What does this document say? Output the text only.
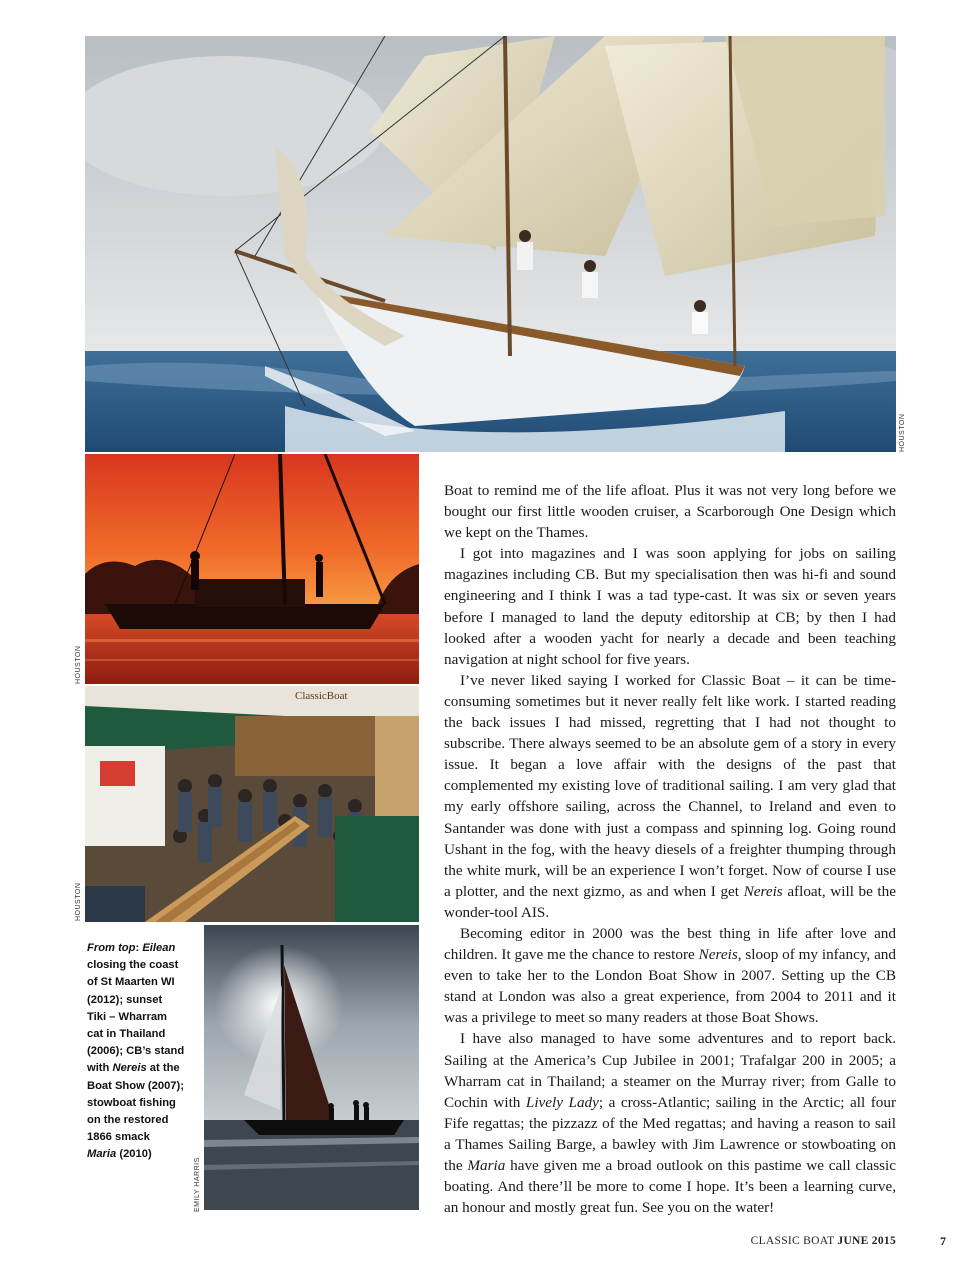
HOUSTON
HOUSTON
ClassicBoat
HOUSTON
EMILY HARRIS

From top: Eilean

closing the coast

of St Maarten WI

(2012); sunset

Tiki – Wharram

cat in Thailand

(2006); CB’s stand

with Nereis at the

Boat Show (2007);

stowboat fishing

on the restored

1866 smack

Maria (2010)

Boat to remind me of the life afloat. Plus it was not very long before we bought our first little wooden cruiser, a Scarborough One Design which we kept on the Thames.

I got into magazines and I was soon applying for jobs on sailing magazines including CB. But my specialisation then was hi-fi and sound engineering and I think I was a tad type-cast. It was six or seven years before I managed to land the deputy editorship at CB; by then I had looked after a wooden yacht for nearly a decade and been teaching navigation at night school for five years.

I’ve never liked saying I worked for Classic Boat – it can be time-consuming sometimes but it never really felt like work. I started reading the back issues I had missed, regretting that I had not thought to subscribe. There always seemed to be an absolute gem of a story in every issue. It began a love affair with the designs of the past that complemented my existing love of traditional sailing. I am very glad that my early offshore sailing, across the Channel, to Ireland and even to Santander was done with just a compass and spinning log. Going round Ushant in the fog, with the heavy diesels of a freighter thumping through the white murk, will be an experience I won’t forget. Now of course I use a plotter, and the next gizmo, as and when I get Nereis afloat, will be the wonder-tool AIS.

Becoming editor in 2000 was the best thing in life after love and children. It gave me the chance to restore Nereis, sloop of my infancy, and even to take her to the London Boat Show in 2007. Setting up the CB stand at London was also a great experience, from 2004 to 2011 and it was a privilege to meet so many readers at those Boat Shows.

I have also managed to have some adventures and to report back. Sailing at the America’s Cup Jubilee in 2001; Trafalgar 200 in 2005; a Wharram cat in Thailand; a steamer on the Murray river; from Galle to Cochin with Lively Lady; a cross-Atlantic; sailing in the Arctic; all four Fife regattas; the pizzazz of the Med regattas; and having a reason to sail a Thames Sailing Barge, a bawley with Jim Lawrence or stowboating on the Maria have given me a broad outlook on this pastime we call classic boating. And there’ll be more to come I hope. It’s been a learning curve, an honour and mostly great fun. See you on the water!

CLASSIC BOAT JUNE 2015	7
